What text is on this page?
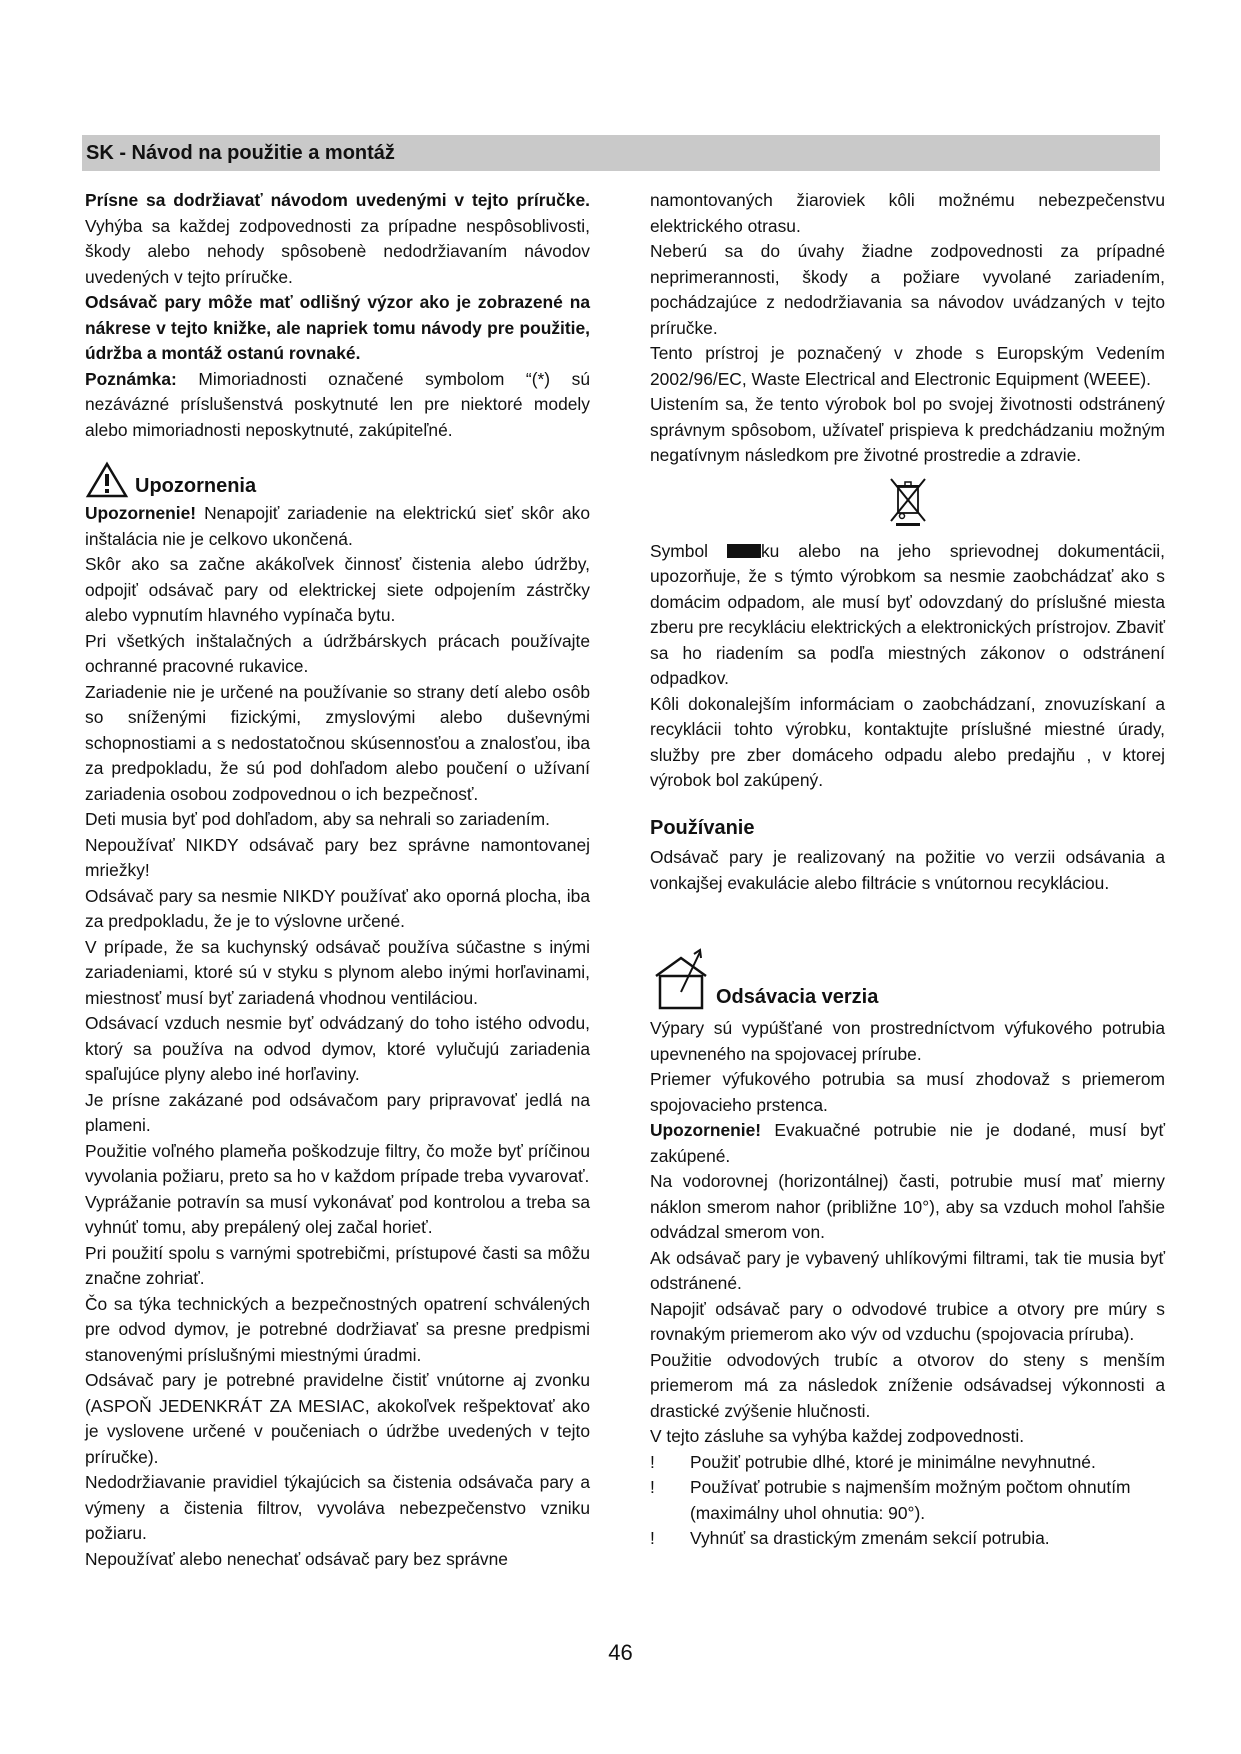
SK - Návod na použitie a montáž

Prísne sa dodržiavať návodom uvedenými v tejto príručke. Vyhýba sa každej zodpovednosti za prípadne nespôsoblivosti, škody alebo nehody spôsobenè nedodržiavaním návodov uvedených v tejto príručke.

Odsávač pary môže mať odlišný výzor ako je zobrazené na nákrese v tejto knižke, ale napriek tomu návody pre použitie, údržba a montáž ostanú rovnaké.

Poznámka: Mimoriadnosti označené symbolom “(*) sú nezávázné príslušenstvá poskytnuté len pre niektoré modely alebo mimoriadnosti neposkytnuté, zakúpiteľné.

Upozornenia

Upozornenie! Nenapojiť zariadenie na elektrickú sieť skôr ako inštalácia nie je celkovo ukončená.

Skôr ako sa začne akákoľvek činnosť čistenia alebo údržby, odpojiť odsávač pary od elektrickej siete odpojením zástrčky alebo vypnutím hlavného vypínača bytu.

Pri všetkých inštalačných a údržbárskych prácach používajte ochranné pracovné rukavice.

Zariadenie nie je určené na používanie so strany detí alebo osôb so sníženými fizickými, zmyslovými alebo duševnými schopnostiami a s nedostatočnou skúsennosťou a znalosťou, iba za predpokladu, že sú pod dohľadom alebo poučení o užívaní zariadenia osobou zodpovednou o ich bezpečnosť.

Deti musia byť pod dohľadom, aby sa nehrali so zariadením.

Nepoužívať NIKDY odsávač pary bez správne namontovanej mriežky!

Odsávač pary sa nesmie NIKDY používať ako oporná plocha, iba za predpokladu, že je to výslovne určené.

V prípade, že sa kuchynský odsávač používa súčastne s inými zariadeniami, ktoré sú v styku s plynom alebo inými horľavinami, miestnosť musí byť zariadená vhodnou ventiláciou.

Odsávací vzduch nesmie byť odvádzaný do toho istého odvodu, ktorý sa používa na odvod dymov, ktoré vylučujú zariadenia spaľujúce plyny alebo iné horľaviny.

Je prísne zakázané pod odsávačom pary pripravovať jedlá na plameni.

Použitie voľného plameňa poškodzuje filtry, čo može byť príčinou vyvolania požiaru, preto sa ho v každom prípade treba vyvarovať.

Vyprážanie potravín sa musí vykonávať pod kontrolou a treba sa vyhnúť tomu, aby prepálený olej začal horieť.

Pri použití spolu s varnými spotrebičmi, prístupové časti sa môžu značne zohriať.

Čo sa týka technických a bezpečnostných opatrení schválených pre odvod dymov, je potrebné dodržiavať sa presne predpismi stanovenými príslušnými miestnými úradmi.

Odsávač pary je potrebné pravidelne čistiť vnútorne aj zvonku (ASPOŇ JEDENKRÁT ZA MESIAC, akokoľvek rešpektovať ako je vyslovene určené v poučeniach o údržbe uvedených v tejto príručke).

Nedodržiavanie pravidiel týkajúcich sa čistenia odsávača pary a výmeny a čistenia filtrov, vyvoláva nebezpečenstvo vzniku požiaru.

Nepoužívať alebo nenechať odsávač pary bez správne

namontovaných žiaroviek kôli možnému nebezpečenstvu elektrického otrasu.

Neberú sa do úvahy žiadne zodpovednosti za prípadné neprimerannosti, škody a požiare vyvolané zariadením, pochádzajúce z nedodržiavania sa návodov uvádzaných v tejto príručke.

Tento prístroj je poznačený v zhode s Europským Vedením 2002/96/EC, Waste Electrical and Electronic Equipment (WEEE).

Uistením sa, že tento výrobok bol po svojej životnosti odstránený správnym spôsobom, užívateľ prispieva k predchádzaniu možným negatívnym následkom pre životné prostredie a zdravie.

Symbol ku alebo na jeho sprievodnej dokumentácii, upozorňuje, že s týmto výrobkom sa nesmie zaobchádzať ako s domácim odpadom, ale musí byť odovzdaný do príslušné miesta zberu pre recykláciu elektrických a elektronických prístrojov. Zbaviť sa ho riadením sa podľa miestných zákonov o odstránení odpadkov.

Kôli dokonalejším informáciam o zaobchádzaní, znovuzískaní a recyklácii tohto výrobku, kontaktujte príslušné miestné úrady, služby pre zber domáceho odpadu alebo predajňu , v ktorej výrobok bol zakúpený.

Používanie

Odsávač pary je realizovaný na požitie vo verzii odsávania a vonkajšej evakulácie alebo filtrácie s vnútornou recykláciou.

Odsávacia verzia

Výpary sú vypúšťané von prostredníctvom výfukového potrubia upevneného na spojovacej prírube.

Priemer výfukového potrubia sa musí zhodovaž s priemerom spojovacieho prstenca.

Upozornenie! Evakuačné potrubie nie je dodané, musí byť zakúpené.

Na vodorovnej (horizontálnej) časti, potrubie musí mať mierny náklon smerom nahor (približne 10°), aby sa vzduch mohol ľahšie odvádzal smerom von.

Ak odsávač pary je vybavený uhlíkovými filtrami, tak tie musia byť odstránené.

Napojiť odsávač pary o odvodové trubice a otvory pre múry s rovnakým priemerom ako výv od vzduchu (spojovacia príruba).

Použitie odvodových trubíc a otvorov do steny s menším priemerom má za následok zníženie odsávadsej výkonnosti a drastické zvýšenie hlučnosti.

V tejto zásluhe sa vyhýba každej zodpovednosti.

!	Použiť potrubie dlhé, ktoré je minimálne nevyhnutné.
!	Používať potrubie s najmenším možným počtom ohnutím (maximálny uhol ohnutia: 90°).
!	Vyhnúť sa drastickým zmenám sekcií potrubia.
46
